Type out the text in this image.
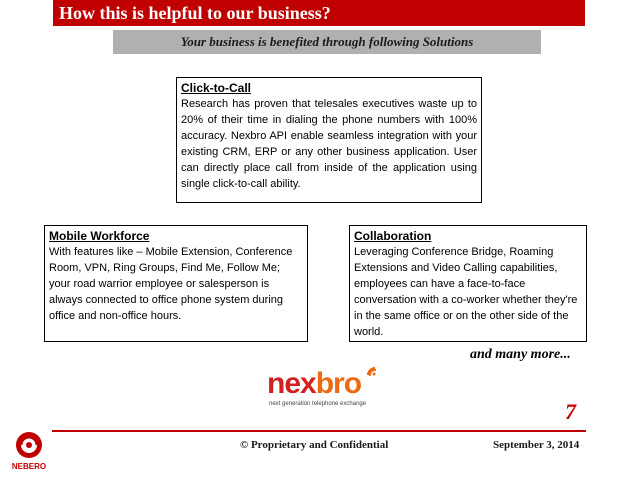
How this is helpful to our business?
Your business is benefited through following Solutions
Click-to-Call
Research has proven that telesales executives waste up to 20% of their time in dialing the phone numbers with 100% accuracy. Nexbro API enable seamless integration with your existing CRM, ERP or any other business application. User can directly place call from inside of the application using single click-to-call ability.
Mobile Workforce
With features like – Mobile Extension, Conference Room, VPN, Ring Groups, Find Me, Follow Me; your road warrior employee or salesperson is always connected to office phone system during office and non-office hours.
Collaboration
Leveraging Conference Bridge, Roaming Extensions and Video Calling capabilities, employees can have a face-to-face conversation with a co-worker whether they're in the same office or on the other side of the world.
and many more...
nexbro
next generation telephone exchange	7
© Proprietary and Confidential	September 3, 2014
NEBERO
